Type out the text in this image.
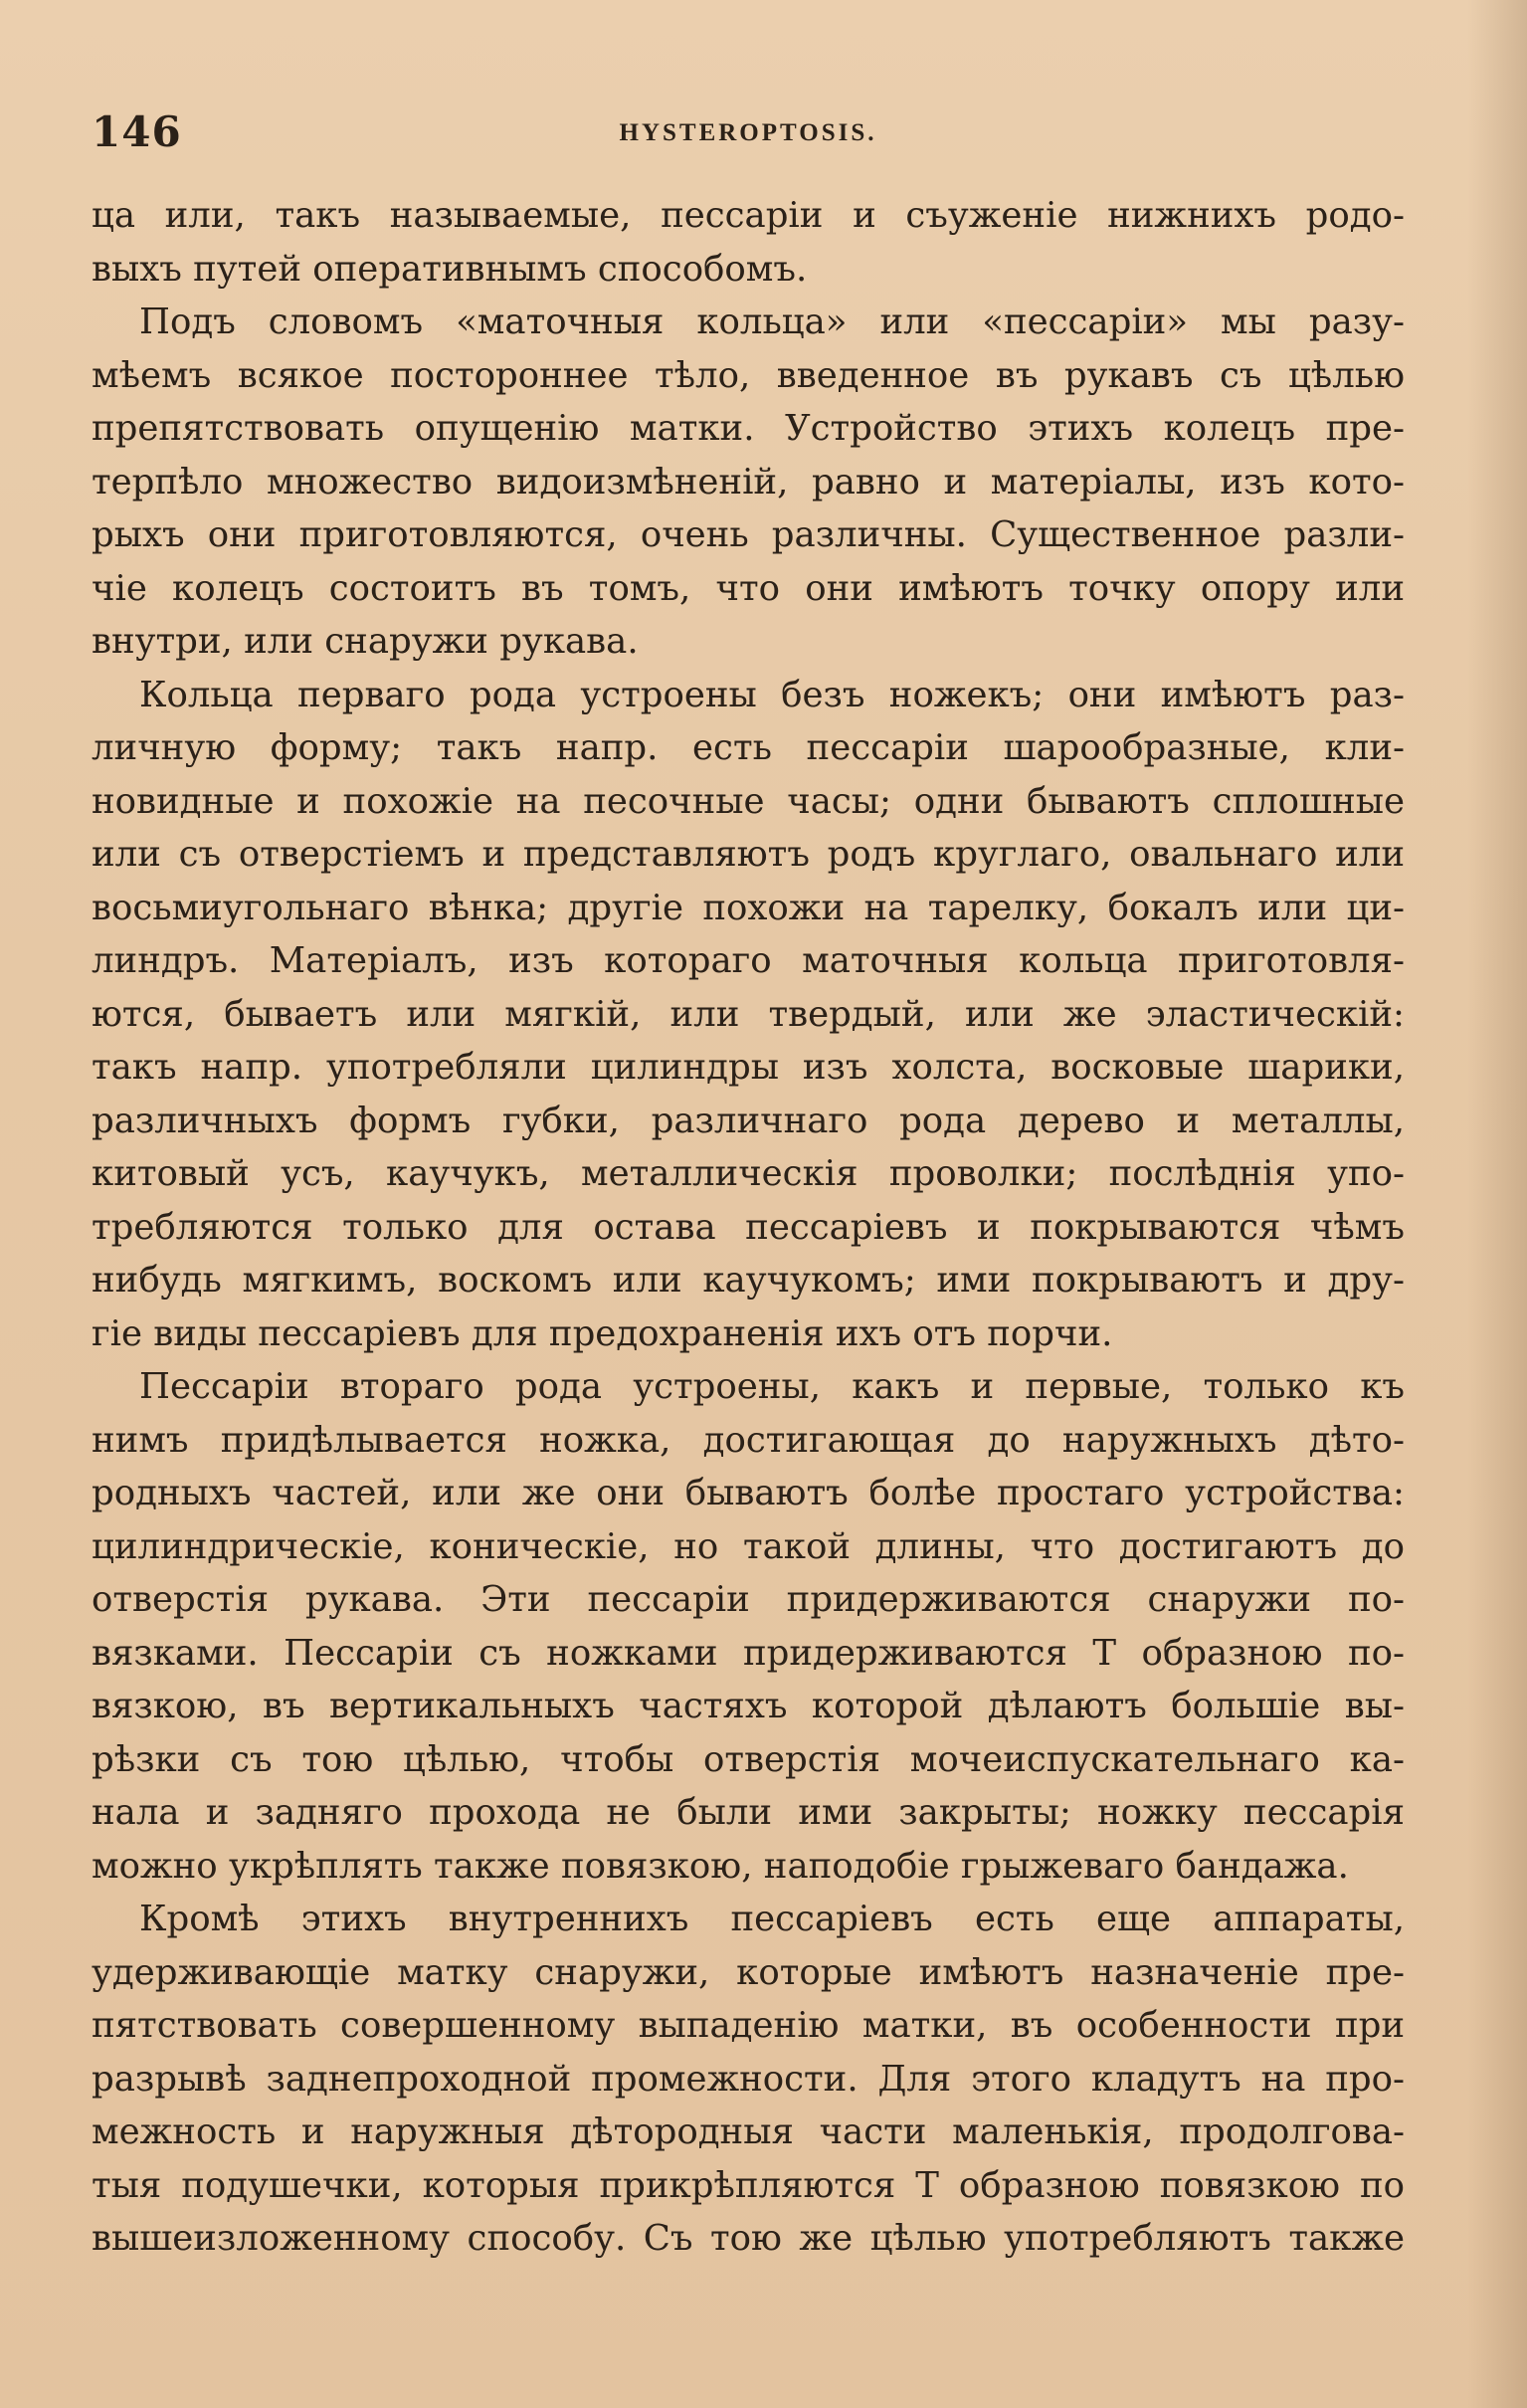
146	HYSTEROPTOSIS.
ца или, такъ называемые, пессаріи и съуженіе нижнихъ родо-
выхъ путей оперативнымъ способомъ.
Подъ словомъ «маточныя кольца» или «пессаріи» мы разу-
мѣемъ всякое постороннее тѣло, введенное въ рукавъ съ цѣлью
препятствовать опущенію матки. Устройство этихъ колецъ пре-
терпѣло множество видоизмѣненій, равно и матеріалы, изъ кото-
рыхъ они приготовляются, очень различны. Существенное разли-
чіе колецъ состоитъ въ томъ, что они имѣютъ точку опору или
внутри, или снаружи рукава.
Кольца перваго рода устроены безъ ножекъ; они имѣютъ раз-
личную форму; такъ напр. есть пессаріи шарообразные, кли-
новидные и похожіе на песочные часы; одни бываютъ сплошные
или съ отверстіемъ и представляютъ родъ круглаго, овальнаго или
восьмиугольнаго вѣнка; другіе похожи на тарелку, бокалъ или ци-
линдръ. Матеріалъ, изъ котораго маточныя кольца приготовля-
ются, бываетъ или мягкій, или твердый, или же эластическій:
такъ напр. употребляли цилиндры изъ холста, восковые шарики,
различныхъ формъ губки, различнаго рода дерево и металлы,
китовый усъ, каучукъ, металлическія проволки; послѣднія упо-
требляются только для остава пессаріевъ и покрываются чѣмъ
нибудь мягкимъ, воскомъ или каучукомъ; ими покрываютъ и дру-
гіе виды пессаріевъ для предохраненія ихъ отъ порчи.
Пессаріи втораго рода устроены, какъ и первые, только къ
нимъ придѣлывается ножка, достигающая до наружныхъ дѣто-
родныхъ частей, или же они бываютъ болѣе простаго устройства:
цилиндрическіе, коническіе, но такой длины, что достигаютъ до
отверстія рукава. Эти пессаріи придерживаются снаружи по-
вязками. Пессаріи съ ножками придерживаются Т образною по-
вязкою, въ вертикальныхъ частяхъ которой дѣлаютъ большіе вы-
рѣзки съ тою цѣлью, чтобы отверстія мочеиспускательнаго ка-
нала и задняго прохода не были ими закрыты; ножку пессарія
можно укрѣплять также повязкою, наподобіе грыжеваго бандажа.
Кромѣ этихъ внутреннихъ пессаріевъ есть еще аппараты,
удерживающіе матку снаружи, которые имѣютъ назначеніе пре-
пятствовать совершенному выпаденію матки, въ особенности при
разрывѣ заднепроходной промежности. Для этого кладутъ на про-
межность и наружныя дѣтородныя части маленькія, продолгова-
тыя подушечки, которыя прикрѣпляются Т образною повязкою по
вышеизложенному способу. Съ тою же цѣлью употребляютъ также
